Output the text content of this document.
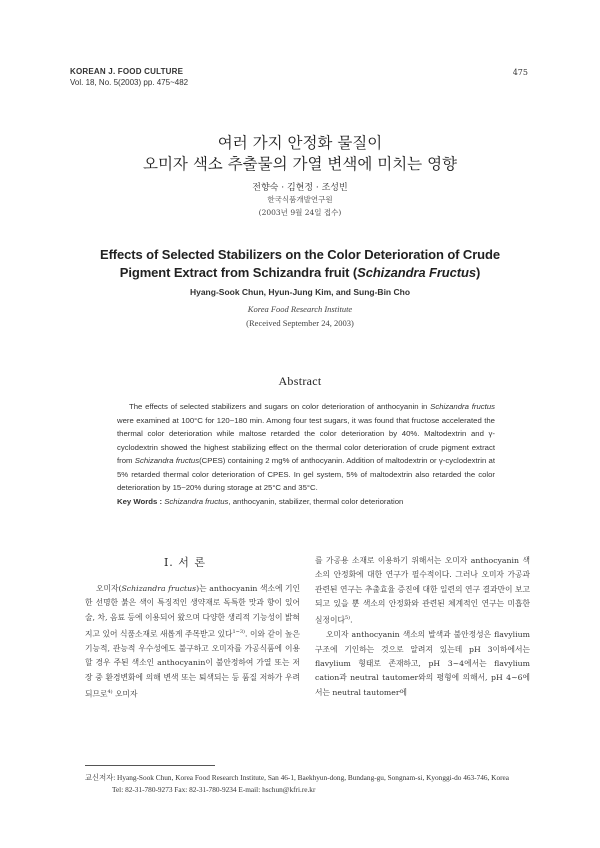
KOREAN J. FOOD CULTURE
Vol. 18, No. 5(2003) pp. 475~482
475
여러 가지 안정화 물질이
오미자 색소 추출물의 가열 변색에 미치는 영향
전향숙 · 김현정 · 조성빈
한국식품개발연구원
(2003년 9월 24일 접수)
Effects of Selected Stabilizers on the Color Deterioration of Crude
Pigment Extract from Schizandra fruit (Schizandra Fructus)
Hyang-Sook Chun, Hyun-Jung Kim, and Sung-Bin Cho
Korea Food Research Institute
(Received September 24, 2003)
Abstract
The effects of selected stabilizers and sugars on color deterioration of anthocyanin in Schizandra fructus were examined at 100°C for 120~180 min. Among four test sugars, it was found that fructose accelerated the thermal color deterioration while maltose retarded the color deterioration by 40%. Maltodextrin and γ-cyclodextrin showed the highest stabilizing effect on the thermal color deterioration of crude pigment extract from Schizandra fructus(CPES) containing 2 mg% of anthocyanin. Addition of maltodextrin or γ-cyclodextrin at 5% retarded thermal color deterioration of CPES. In gel system, 5% of maltodextrin also retarded the color deterioration by 15~20% during storage at 25°C and 35°C.
Key Words : Schizandra fructus, anthocyanin, stabilizer, thermal color deterioration
I. 서 론

오미자(Schizandra fructus)는 anthocyanin 색소에 기인한 선명한 붉은 색이 특징적인 생약재로 독특한 맛과 향이 있어 술, 차, 음료 등에 이용되어 왔으며 다양한 생리적 기능성이 밝혀지고 있어 식품소재로 새롭게 주목받고 있다$^{1\sim 3)}$. 이와 같이 높은 기능적, 관능적 우수성에도 불구하고 오미자를 가공식품에 이용할 경우 주된 색소인 anthocyanin이 불안정하여 가열 또는 저장 중 환경변화에 의해 변색 또는 퇴색되는 등 품질 저하가 우려되므로$^{4)}$ 오미자

를 가공용 소재로 이용하기 위해서는 오미자 anthocyanin 색소의 안정화에 대한 연구가 필수적이다. 그러나 오미자 가공과 관련된 연구는 추출효율 증진에 대한 일련의 연구 결과만이 보고되고 있을 뿐 색소의 안정화와 관련된 체계적인 연구는 미흡한 실정이다$^{5)}$.

오미자 anthocyanin 색소의 발색과 불안정성은 flavylium 구조에 기인하는 것으로 알려져 있는데 pH 3이하에서는 flavylium 형태로 존재하고, pH 3~4에서는 flavylium cation과 neutral tautomer와의 평형에 의해서, pH 4~6에서는 neutral tautomer에

교신저자: Hyang-Sook Chun, Korea Food Research Institute, San 46-1, Baekhyun-dong, Bundang-gu, Songnam-si, Kyonggi-do 463-746, Korea
Tel: 82-31-780-9273 Fax: 82-31-780-9234 E-mail: hschun@kfri.re.kr
